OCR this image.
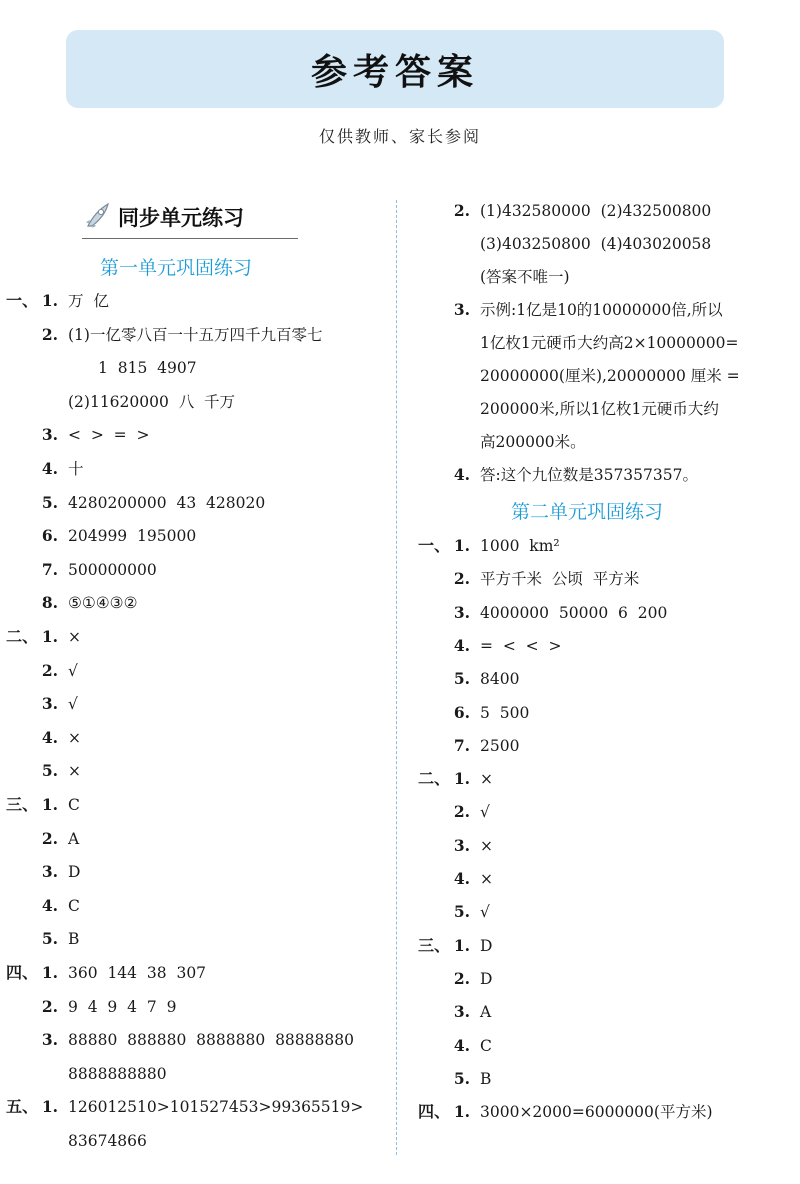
参考答案
仅供教师、家长参阅
同步单元练习
第一单元巩固练习
第二单元巩固练习
一、 1. 万  亿
2. (1)一亿零八百一十五万四千九百零七
1  815  4907
(2)11620000  八  千万
3. <  >  =  >
4. 十
5. 4280200000  43  428020
6. 204999  195000
7. 500000000
8. ⑤①④③②
二、 1. ×
2. √
3. √
4. ×
5. ×
三、 1. C
2. A
3. D
4. C
5. B
四、 1. 360  144  38  307
2. 9  4  9  4  7  9
3. 88880  888880  8888880  88888880
8888888880
五、 1. 126012510>101527453>99365519>
83674866
2. (1)432580000  (2)432500800
(3)403250800  (4)403020058
(答案不唯一)
3. 示例:1亿是10的10000000倍,所以
1亿枚1元硬币大约高2×10000000=
20000000(厘米),20000000 厘米 =
200000米,所以1亿枚1元硬币大约
高200000米。
4. 答:这个九位数是357357357。
一、 1. 1000  km²
2. 平方千米  公顷  平方米
3. 4000000  50000  6  200
4. =  <  <  >
5. 8400
6. 5  500
7. 2500
二、 1. ×
2. √
3. ×
4. ×
5. √
三、 1. D
2. D
3. A
4. C
5. B
四、 1. 3000×2000=6000000(平方米)
